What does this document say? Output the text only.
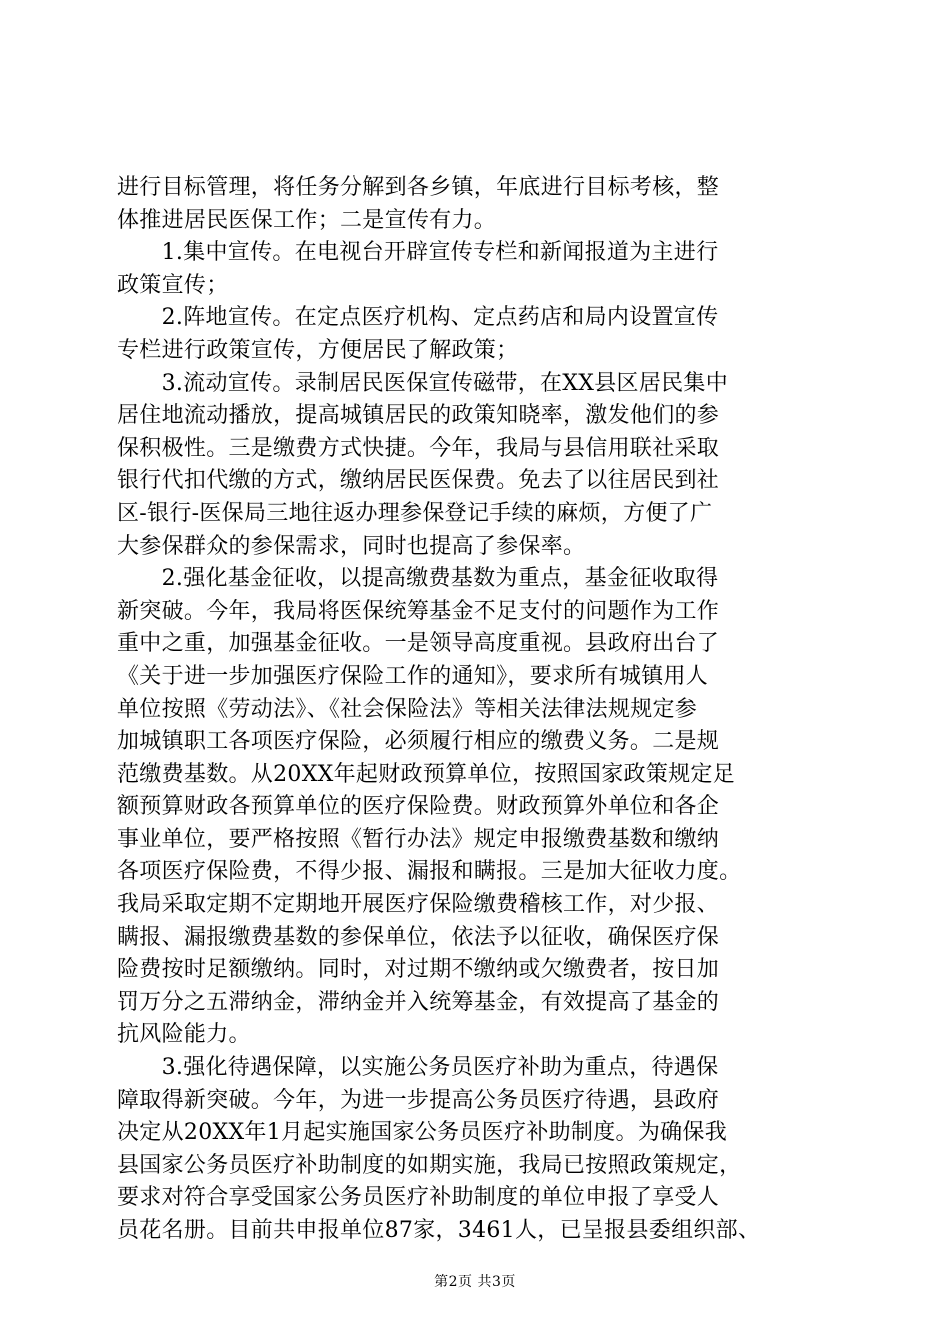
进行目标管理，将任务分解到各乡镇，年底进行目标考核，整
体推进居民医保工作；二是宣传有力。
　　1.集中宣传。在电视台开辟宣传专栏和新闻报道为主进行
政策宣传；
　　2.阵地宣传。在定点医疗机构、定点药店和局内设置宣传
专栏进行政策宣传，方便居民了解政策；
　　3.流动宣传。录制居民医保宣传磁带，在XX县区居民集中
居住地流动播放，提高城镇居民的政策知晓率，激发他们的参
保积极性。三是缴费方式快捷。今年，我局与县信用联社采取
银行代扣代缴的方式，缴纳居民医保费。免去了以往居民到社
区-银行-医保局三地往返办理参保登记手续的麻烦，方便了广
大参保群众的参保需求，同时也提高了参保率。
　　2.强化基金征收，以提高缴费基数为重点，基金征收取得
新突破。今年，我局将医保统筹基金不足支付的问题作为工作
重中之重，加强基金征收。一是领导高度重视。县政府出台了
《关于进一步加强医疗保险工作的通知》，要求所有城镇用人
单位按照《劳动法》、《社会保险法》等相关法律法规规定参
加城镇职工各项医疗保险，必须履行相应的缴费义务。二是规
范缴费基数。从20XX年起财政预算单位，按照国家政策规定足
额预算财政各预算单位的医疗保险费。财政预算外单位和各企
事业单位，要严格按照《暂行办法》规定申报缴费基数和缴纳
各项医疗保险费，不得少报、漏报和瞒报。三是加大征收力度。
我局采取定期不定期地开展医疗保险缴费稽核工作，对少报、
瞒报、漏报缴费基数的参保单位，依法予以征收，确保医疗保
险费按时足额缴纳。同时，对过期不缴纳或欠缴费者，按日加
罚万分之五滞纳金，滞纳金并入统筹基金，有效提高了基金的
抗风险能力。
　　3.强化待遇保障，以实施公务员医疗补助为重点，待遇保
障取得新突破。今年，为进一步提高公务员医疗待遇，县政府
决定从20XX年1月起实施国家公务员医疗补助制度。为确保我
县国家公务员医疗补助制度的如期实施，我局已按照政策规定，
要求对符合享受国家公务员医疗补助制度的单位申报了享受人
员花名册。目前共申报单位87家，3461人，已呈报县委组织部、
第2页 共3页
